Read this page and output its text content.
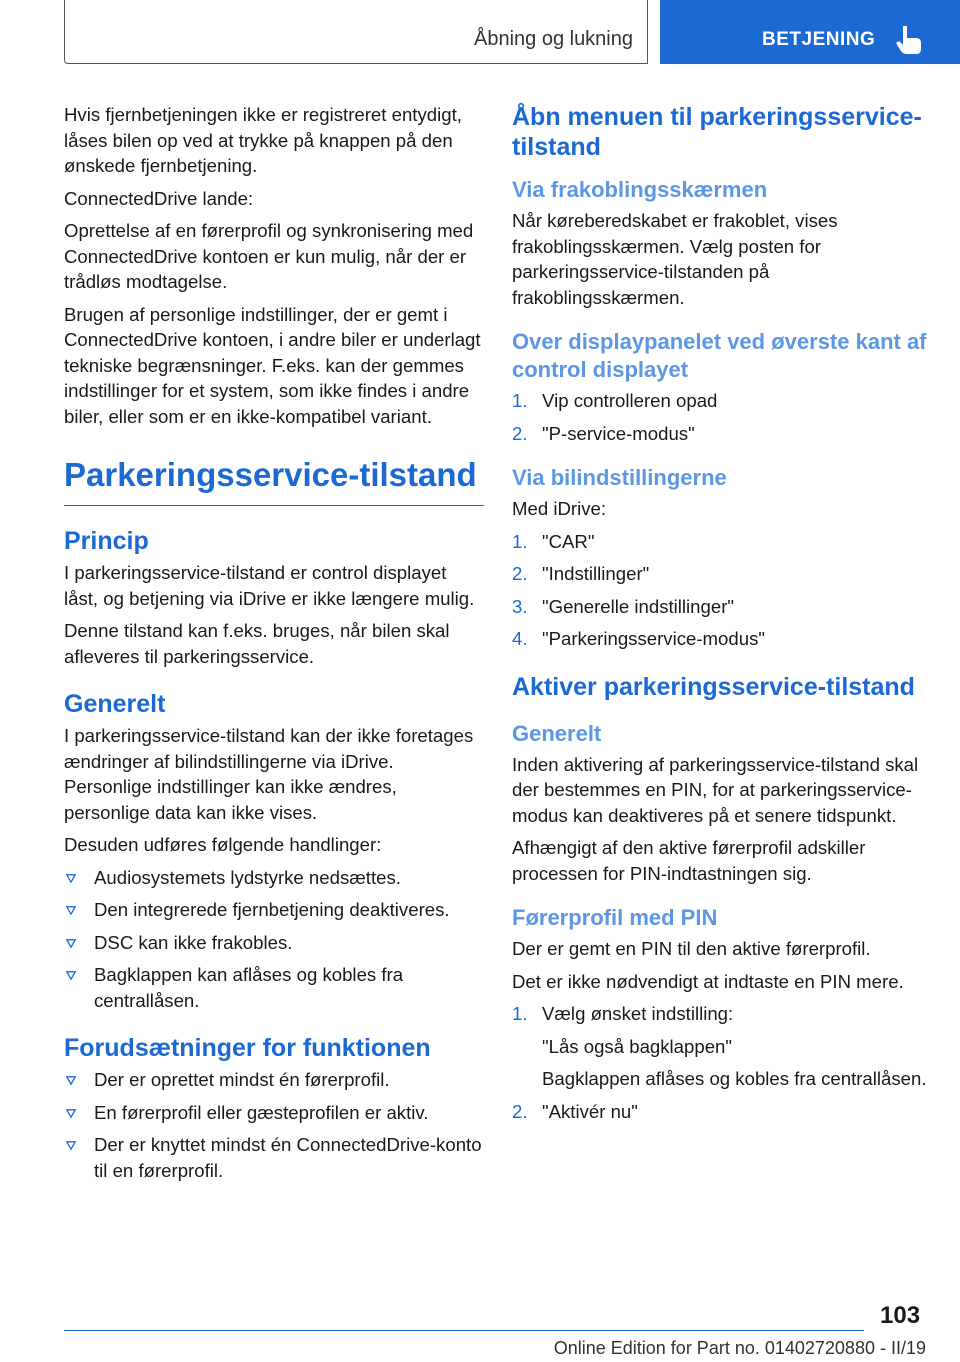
Åbning og lukning	BETJENING

Hvis fjernbetjeningen ikke er registreret entydigt, låses bilen op ved at trykke på knappen på den ønskede fjernbetjening.

ConnectedDrive lande:

Oprettelse af en førerprofil og synkronisering med ConnectedDrive kontoen er kun mulig, når der er trådløs modtagelse.

Brugen af personlige indstillinger, der er gemt i ConnectedDrive kontoen, i andre biler er underlagt tekniske begrænsninger. F.eks. kan der gemmes indstillinger for et system, som ikke findes i andre biler, eller som er en ikke-kompatibel variant.

Parkeringsservice-tilstand
Princip

I parkeringsservice-tilstand er control displayet låst, og betjening via iDrive er ikke længere mulig.

Denne tilstand kan f.eks. bruges, når bilen skal afleveres til parkeringsservice.

Generelt

I parkeringsservice-tilstand kan der ikke foretages ændringer af bilindstillingerne via iDrive. Personlige indstillinger kan ikke ændres, personlige data kan ikke vises.

Desuden udføres følgende handlinger:

Audiosystemets lydstyrke nedsættes.
Den integrerede fjernbetjening deaktiveres.
DSC kan ikke frakobles.
Bagklappen kan aflåses og kobles fra centrallåsen.
Forudsætninger for funktionen
Der er oprettet mindst én førerprofil.
En førerprofil eller gæsteprofilen er aktiv.
Der er knyttet mindst én ConnectedDrive-konto til en førerprofil.
Åbn menuen til parkeringsservice-tilstand
Via frakoblingsskærmen

Når køreberedskabet er frakoblet, vises frakoblingsskærmen. Vælg posten for parkeringsservice-tilstanden på frakoblingsskærmen.

Over displaypanelet ved øverste kant af control displayet
1. Vip controlleren opad
2. "P-service-modus"
Via bilindstillingerne

Med iDrive:

1. "CAR"
2. "Indstillinger"
3. "Generelle indstillinger"
4. "Parkeringsservice-modus"
Aktiver parkeringsservice-tilstand
Generelt

Inden aktivering af parkeringsservice-tilstand skal der bestemmes en PIN, for at parkeringsservice-modus kan deaktiveres på et senere tidspunkt.

Afhængigt af den aktive førerprofil adskiller processen for PIN-indtastningen sig.

Førerprofil med PIN

Der er gemt en PIN til den aktive førerprofil.

Det er ikke nødvendigt at indtaste en PIN mere.

1. Vælg ønsket indstilling:
"Lås også bagklappen"
Bagklappen aflåses og kobles fra centrallåsen.
2. "Aktivér nu"
103
Online Edition for Part no. 01402720880 - II/19
